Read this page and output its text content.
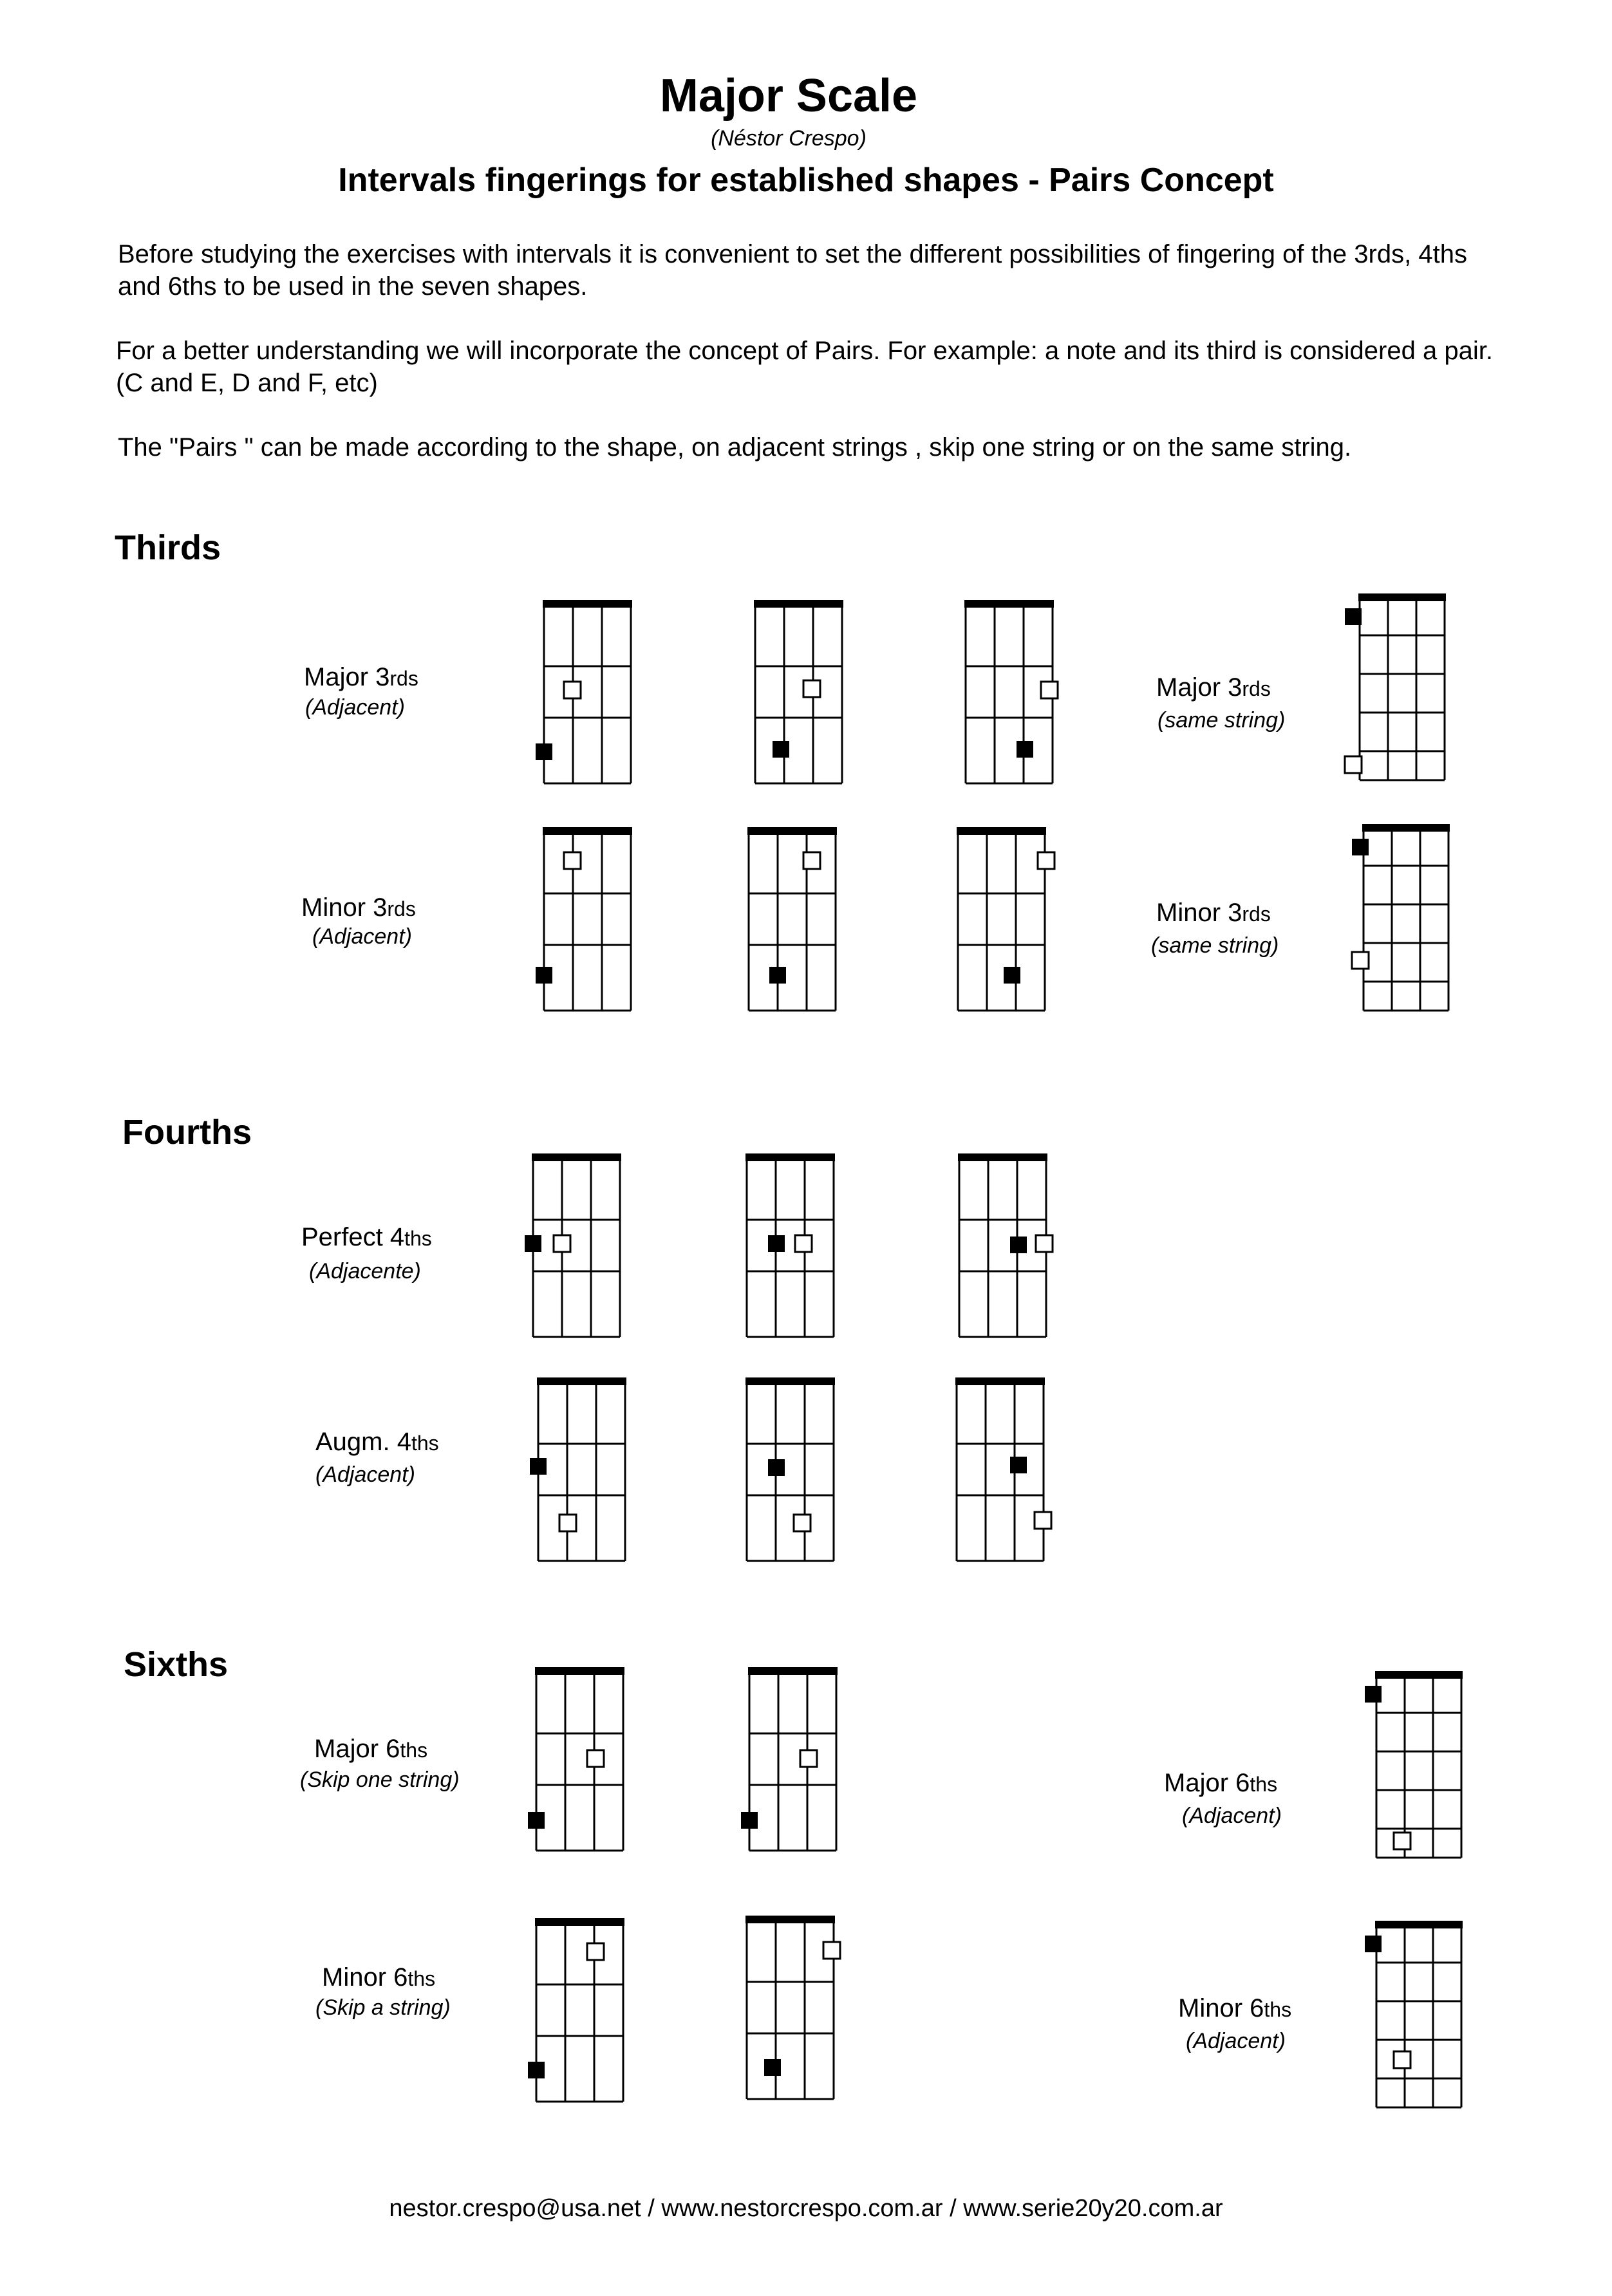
Major Scale
(Néstor Crespo)
Intervals fingerings for established shapes - Pairs Concept
Before studying the exercises with intervals it is convenient to set the different possibilities of fingering of the 3rds, 4ths and 6ths to be used in the seven shapes.
For a better understanding we will incorporate the concept of Pairs. For example: a note and its third is considered a pair. (C and E, D and F, etc)
The "Pairs " can be made according to the shape, on adjacent strings , skip one string or on the same string.
Thirds
Fourths
Sixths
Major 3rds
(Adjacent)
Major 3rds
(same string)
Minor 3rds
(Adjacent)
Minor 3rds
(same string)
Perfect 4ths
(Adjacente)
Augm. 4ths
(Adjacent)
Major 6ths
(Skip one string)	Major 6ths
(Adjacent)
Minor 6ths
(Skip a string)	Minor 6ths
(Adjacent)
nestor.crespo@usa.net / www.nestorcrespo.com.ar / www.serie20y20.com.ar
